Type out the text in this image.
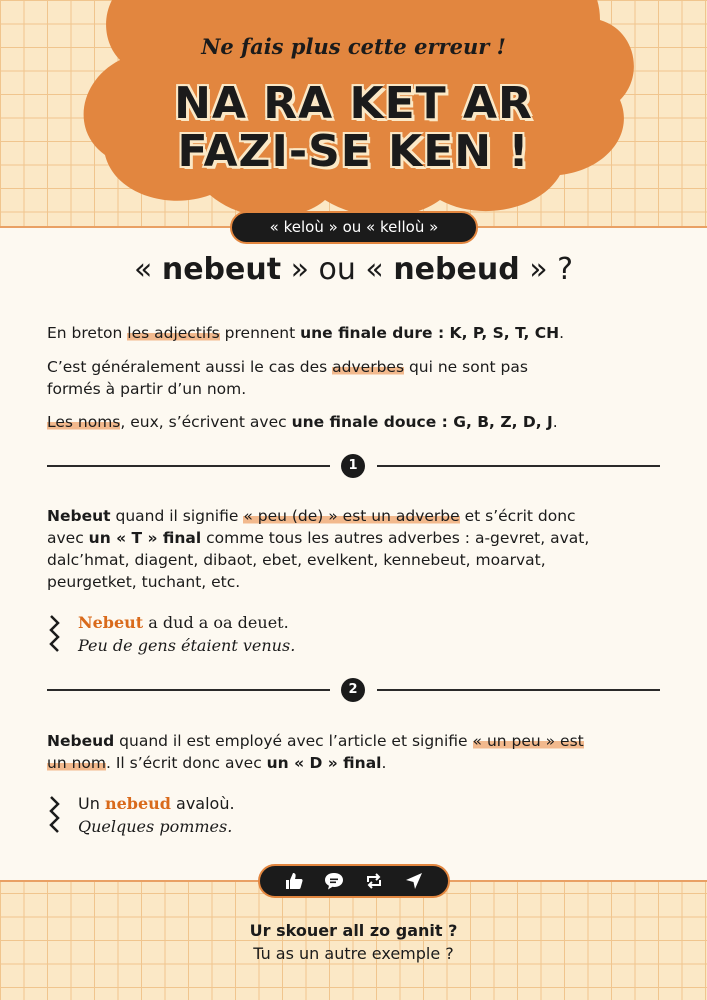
Ne fais plus cette erreur !
NA RA KET AR
FAZI-SE KEN !
« keloù » ou « kelloù »
« nebeut » ou « nebeud » ?
En breton les adjectifs prennent une finale dure : K, P, S, T, CH.
C’est généralement aussi le cas des adverbes qui ne sont pas
formés à partir d’un nom.
Les noms, eux, s’écrivent avec une finale douce : G, B, Z, D, J.
1
Nebeut quand il signifie « peu (de) » est un adverbe et s’écrit donc
avec un « T » final comme tous les autres adverbes : a-gevret, avat,
dalc’hmat, diagent, dibaot, ebet, evelkent, kennebeut, moarvat,
peurgetket, tuchant, etc.
Nebeut a dud a oa deuet.
Peu de gens étaient venus.
2
Nebeud quand il est employé avec l’article et signifie « un peu » est
un nom. Il s’écrit donc avec un « D » final.
Un nebeud avaloù.
Quelques pommes.
Ur skouer all zo ganit ?
Tu as un autre exemple ?
